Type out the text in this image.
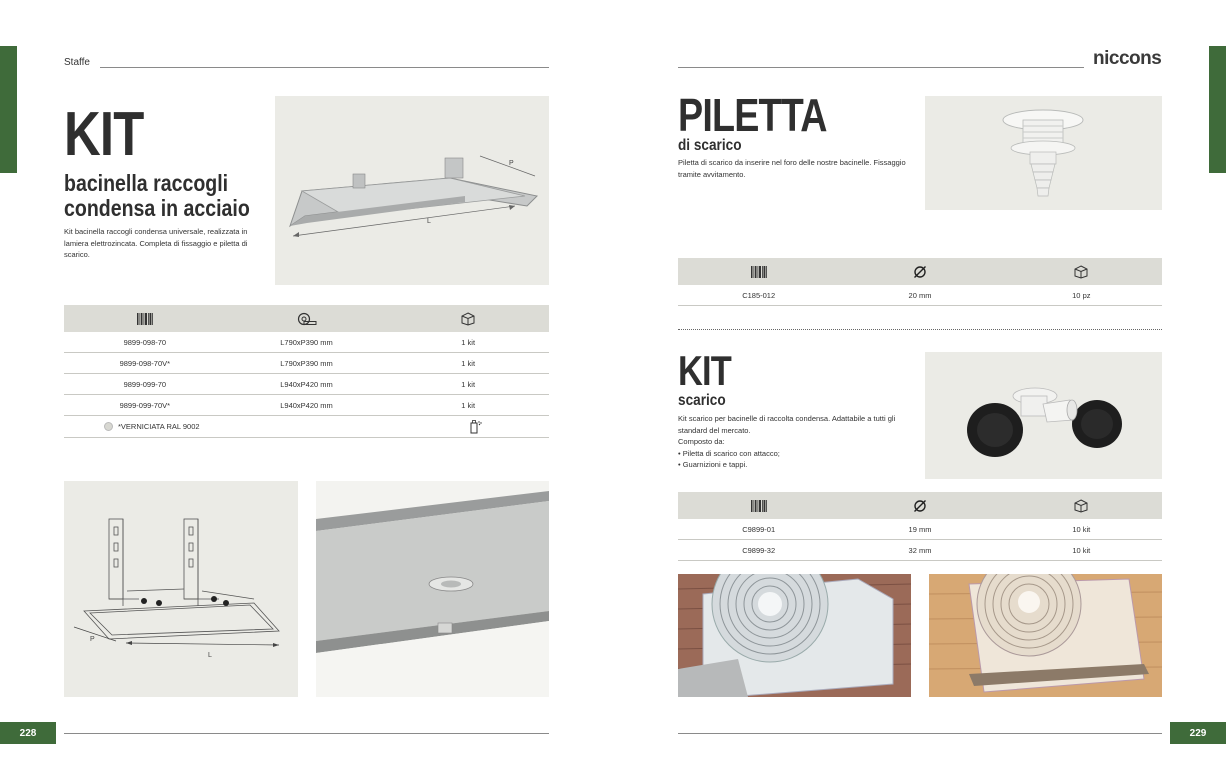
Staffe
KIT
bacinella raccogli
condensa in acciaio
Kit bacinella raccogli condensa universale, realizzata in
lamiera elettrozincata. Completa di fissaggio e piletta di scarico.
L
P
9899-098-70	L790xP390 mm	1 kit
9899-098-70V*	L790xP390 mm	1 kit
9899-099-70	L940xP420 mm	1 kit
9899-099-70V*	L940xP420 mm	1 kit
*VERNICIATA RAL 9002
L
P
228
niccons
PILETTA
di scarico
Piletta di scarico da inserire nel foro delle nostre bacinelle. Fissaggio
tramite avvitamento.
C185-012	20 mm	10 pz
KIT
scarico
Kit scarico per bacinelle di raccolta condensa. Adattabile a tutti gli
standard del mercato.
Composto da:
• Piletta di scarico con attacco;
• Guarnizioni e tappi.
C9899-01	19 mm	10 kit
C9899-32	32 mm	10 kit
229
